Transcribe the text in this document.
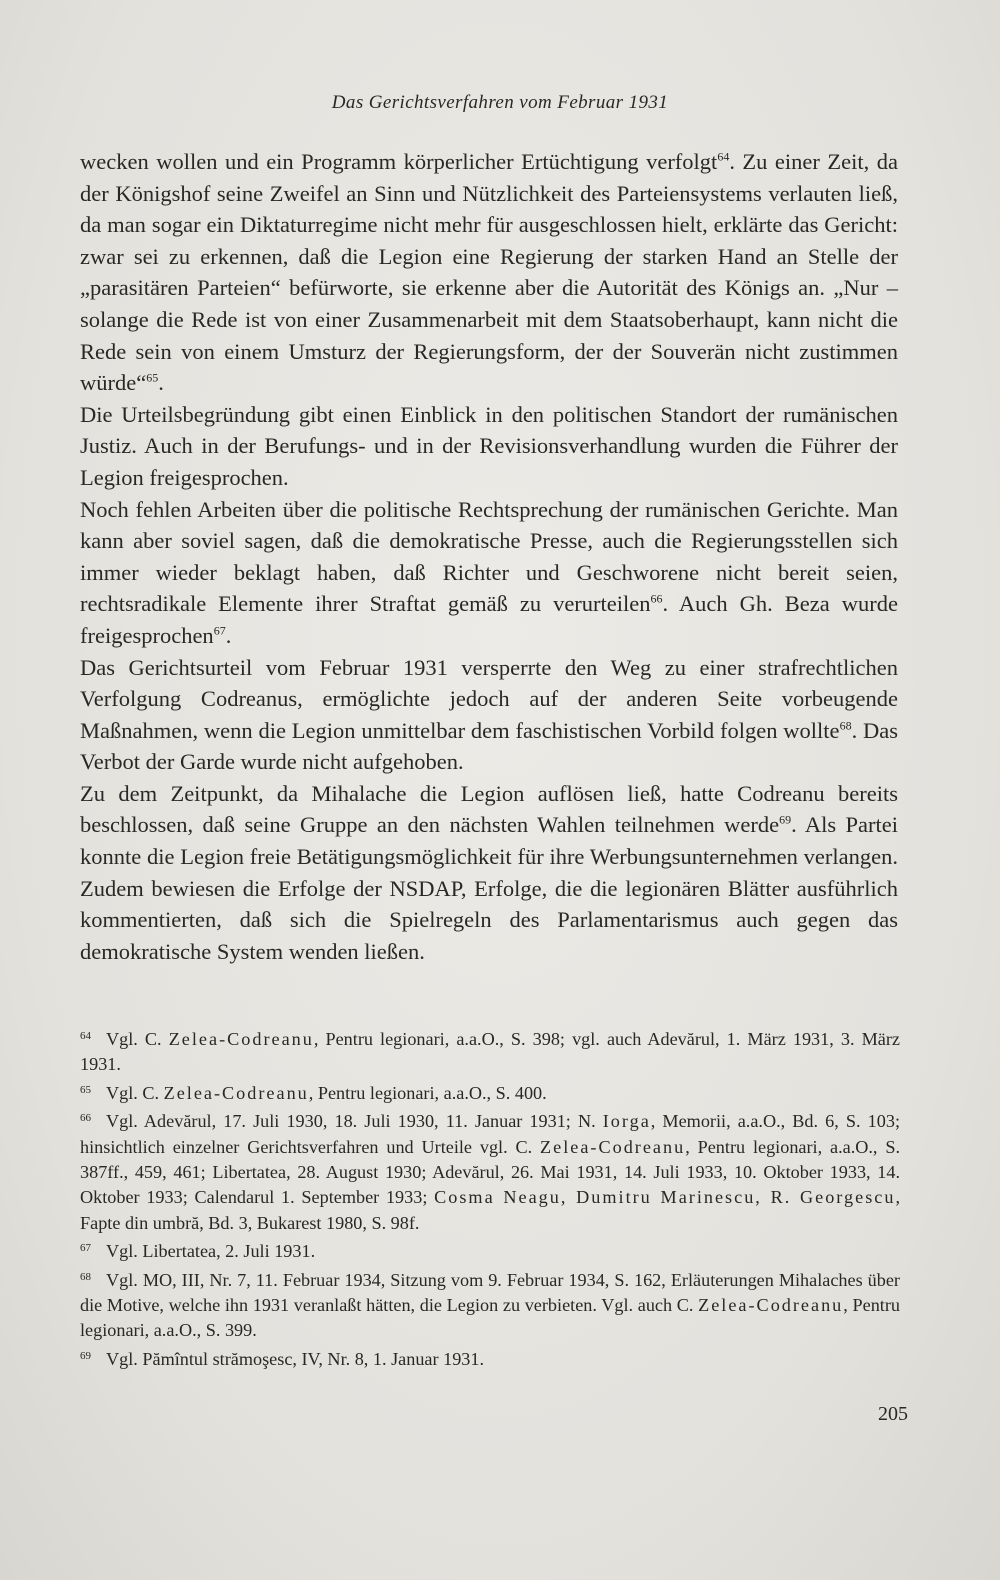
Das Gerichtsverfahren vom Februar 1931

wecken wollen und ein Programm körperlicher Ertüchtigung verfolgt$^{64}$. Zu einer Zeit, da der Königshof seine Zweifel an Sinn und Nützlichkeit des Parteiensystems verlauten ließ, da man sogar ein Diktaturregime nicht mehr für ausgeschlossen hielt, erklärte das Gericht: zwar sei zu erkennen, daß die Legion eine Regierung der starken Hand an Stelle der „parasitären Parteien“ befürworte, sie erkenne aber die Autorität des Königs an. „Nur – solange die Rede ist von einer Zusammenarbeit mit dem Staatsoberhaupt, kann nicht die Rede sein von einem Umsturz der Regierungsform, der der Souverän nicht zustimmen würde“$^{65}$.

Die Urteilsbegründung gibt einen Einblick in den politischen Standort der rumänischen Justiz. Auch in der Berufungs- und in der Revisionsverhandlung wurden die Führer der Legion freigesprochen.

Noch fehlen Arbeiten über die politische Rechtsprechung der rumänischen Gerichte. Man kann aber soviel sagen, daß die demokratische Presse, auch die Regierungsstellen sich immer wieder beklagt haben, daß Richter und Geschworene nicht bereit seien, rechtsradikale Elemente ihrer Straftat gemäß zu verurteilen$^{66}$. Auch Gh. Beza wurde freigesprochen$^{67}$.

Das Gerichtsurteil vom Februar 1931 versperrte den Weg zu einer strafrechtlichen Verfolgung Codreanus, ermöglichte jedoch auf der anderen Seite vorbeugende Maßnahmen, wenn die Legion unmittelbar dem faschistischen Vorbild folgen wollte$^{68}$. Das Verbot der Garde wurde nicht aufgehoben.

Zu dem Zeitpunkt, da Mihalache die Legion auflösen ließ, hatte Codreanu bereits beschlossen, daß seine Gruppe an den nächsten Wahlen teilnehmen werde$^{69}$. Als Partei konnte die Legion freie Betätigungsmöglichkeit für ihre Werbungsunternehmen verlangen. Zudem bewiesen die Erfolge der NSDAP, Erfolge, die die legionären Blätter ausführlich kommentierten, daß sich die Spielregeln des Parlamentarismus auch gegen das demokratische System wenden ließen.

64 Vgl. C. Zelea-Codreanu, Pentru legionari, a.a.O., S. 398; vgl. auch Adevărul, 1. März 1931, 3. März 1931.

65 Vgl. C. Zelea-Codreanu, Pentru legionari, a.a.O., S. 400.

66 Vgl. Adevărul, 17. Juli 1930, 18. Juli 1930, 11. Januar 1931; N. Iorga, Memorii, a.a.O., Bd. 6, S. 103; hinsichtlich einzelner Gerichtsverfahren und Urteile vgl. C. Zelea-Codreanu, Pentru legionari, a.a.O., S. 387ff., 459, 461; Libertatea, 28. August 1930; Adevărul, 26. Mai 1931, 14. Juli 1933, 10. Oktober 1933, 14. Oktober 1933; Calendarul 1. September 1933; Cosma Neagu, Dumitru Marinescu, R. Georgescu, Fapte din umbră, Bd. 3, Bukarest 1980, S. 98f.

67 Vgl. Libertatea, 2. Juli 1931.

68 Vgl. MO, III, Nr. 7, 11. Februar 1934, Sitzung vom 9. Februar 1934, S. 162, Erläuterungen Mihalaches über die Motive, welche ihn 1931 veranlaßt hätten, die Legion zu verbieten. Vgl. auch C. Zelea-Codreanu, Pentru legionari, a.a.O., S. 399.

69 Vgl. Pămîntul strămoşesc, IV, Nr. 8, 1. Januar 1931.

205
